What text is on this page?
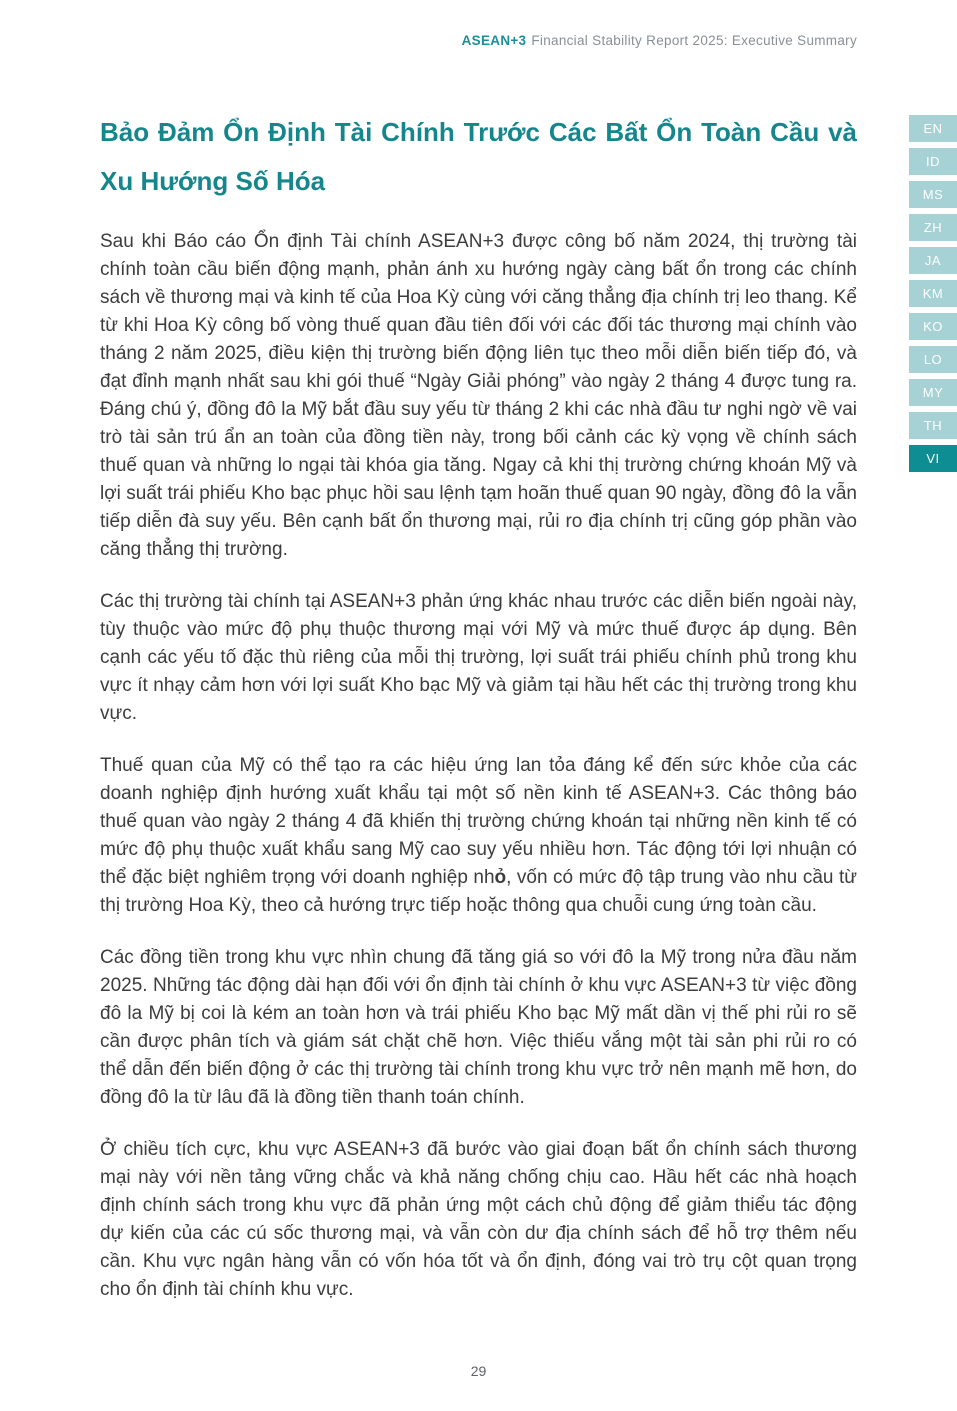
ASEAN+3 Financial Stability Report 2025: Executive Summary
EN
ID
MS
ZH
JA
KM
KO
LO
MY
TH
VI
Bảo Đảm Ổn Định Tài Chính Trước Các Bất Ổn Toàn Cầu và Xu Hướng Số Hóa

Sau khi Báo cáo Ổn định Tài chính ASEAN+3 được công bố năm 2024, thị trường tài chính toàn cầu biến động mạnh, phản ánh xu hướng ngày càng bất ổn trong các chính sách về thương mại và kinh tế của Hoa Kỳ cùng với căng thẳng địa chính trị leo thang. Kể từ khi Hoa Kỳ công bố vòng thuế quan đầu tiên đối với các đối tác thương mại chính vào tháng 2 năm 2025, điều kiện thị trường biến động liên tục theo mỗi diễn biến tiếp đó, và đạt đỉnh mạnh nhất sau khi gói thuế “Ngày Giải phóng” vào ngày 2 tháng 4 được tung ra. Đáng chú ý, đồng đô la Mỹ bắt đầu suy yếu từ tháng 2 khi các nhà đầu tư nghi ngờ về vai trò tài sản trú ẩn an toàn của đồng tiền này, trong bối cảnh các kỳ vọng về chính sách thuế quan và những lo ngại tài khóa gia tăng. Ngay cả khi thị trường chứng khoán Mỹ và lợi suất trái phiếu Kho bạc phục hồi sau lệnh tạm hoãn thuế quan 90 ngày, đồng đô la vẫn tiếp diễn đà suy yếu. Bên cạnh bất ổn thương mại, rủi ro địa chính trị cũng góp phần vào căng thẳng thị trường.

Các thị trường tài chính tại ASEAN+3 phản ứng khác nhau trước các diễn biến ngoài này, tùy thuộc vào mức độ phụ thuộc thương mại với Mỹ và mức thuế được áp dụng. Bên cạnh các yếu tố đặc thù riêng của mỗi thị trường, lợi suất trái phiếu chính phủ trong khu vực ít nhạy cảm hơn với lợi suất Kho bạc Mỹ và giảm tại hầu hết các thị trường trong khu vực.

Thuế quan của Mỹ có thể tạo ra các hiệu ứng lan tỏa đáng kể đến sức khỏe của các doanh nghiệp định hướng xuất khẩu tại một số nền kinh tế ASEAN+3. Các thông báo thuế quan vào ngày 2 tháng 4 đã khiến thị trường chứng khoán tại những nền kinh tế có mức độ phụ thuộc xuất khẩu sang Mỹ cao suy yếu nhiều hơn. Tác động tới lợi nhuận có thể đặc biệt nghiêm trọng với doanh nghiệp nhỏ, vốn có mức độ tập trung vào nhu cầu từ thị trường Hoa Kỳ, theo cả hướng trực tiếp hoặc thông qua chuỗi cung ứng toàn cầu.

Các đồng tiền trong khu vực nhìn chung đã tăng giá so với đô la Mỹ trong nửa đầu năm 2025. Những tác động dài hạn đối với ổn định tài chính ở khu vực ASEAN+3 từ việc đồng đô la Mỹ bị coi là kém an toàn hơn và trái phiếu Kho bạc Mỹ mất dần vị thế phi rủi ro sẽ cần được phân tích và giám sát chặt chẽ hơn. Việc thiếu vắng một tài sản phi rủi ro có thể dẫn đến biến động ở các thị trường tài chính trong khu vực trở nên mạnh mẽ hơn, do đồng đô la từ lâu đã là đồng tiền thanh toán chính.

Ở chiều tích cực, khu vực ASEAN+3 đã bước vào giai đoạn bất ổn chính sách thương mại này với nền tảng vững chắc và khả năng chống chịu cao. Hầu hết các nhà hoạch định chính sách trong khu vực đã phản ứng một cách chủ động để giảm thiểu tác động dự kiến của các cú sốc thương mại, và vẫn còn dư địa chính sách để hỗ trợ thêm nếu cần. Khu vực ngân hàng vẫn có vốn hóa tốt và ổn định, đóng vai trò trụ cột quan trọng cho ổn định tài chính khu vực.

29
